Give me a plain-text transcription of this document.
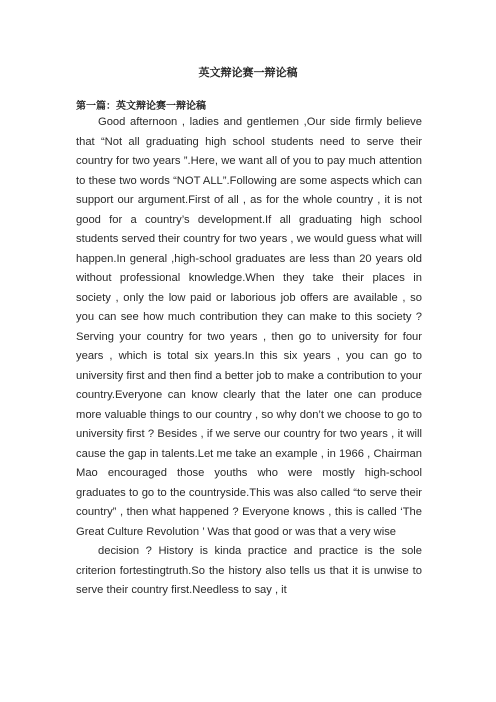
英文辩论赛一辩论稿
第一篇：英文辩论赛一辩论稿

Good afternoon , ladies and gentlemen ,Our side firmly believe that “Not all graduating high school students need to serve their country for two years ”.Here, we want all of you to pay much attention to these two words “NOT ALL”.Following are some aspects which can support our argument.First of all , as for the whole country , it is not good for a country’s development.If all graduating high school students served their country for two years , we would guess what will happen.In general ,high-school graduates are less than 20 years old without professional knowledge.When they take their places in society , only the low paid or laborious job offers are available , so you can see how much contribution they can make to this society ? Serving your country for two years , then go to university for four years , which is total six years.In this six years , you can go to university first and then find a better job to make a contribution to your country.Everyone can know clearly that the later one can produce more valuable things to our country , so why don’t we choose to go to university first ? Besides , if we serve our country for two years , it will cause the gap in talents.Let me take an example , in 1966 , Chairman Mao encouraged those youths who were mostly high-school graduates to go to the countryside.This was also called “to serve their country” , then what happened ? Everyone knows , this is called ‘The Great Culture Revolution ’ Was that good or was that a very wise

decision ? History is kinda practice and practice is the sole criterion fortestingtruth.So the history also tells us that it is unwise to serve their country first.Needless to say , it
